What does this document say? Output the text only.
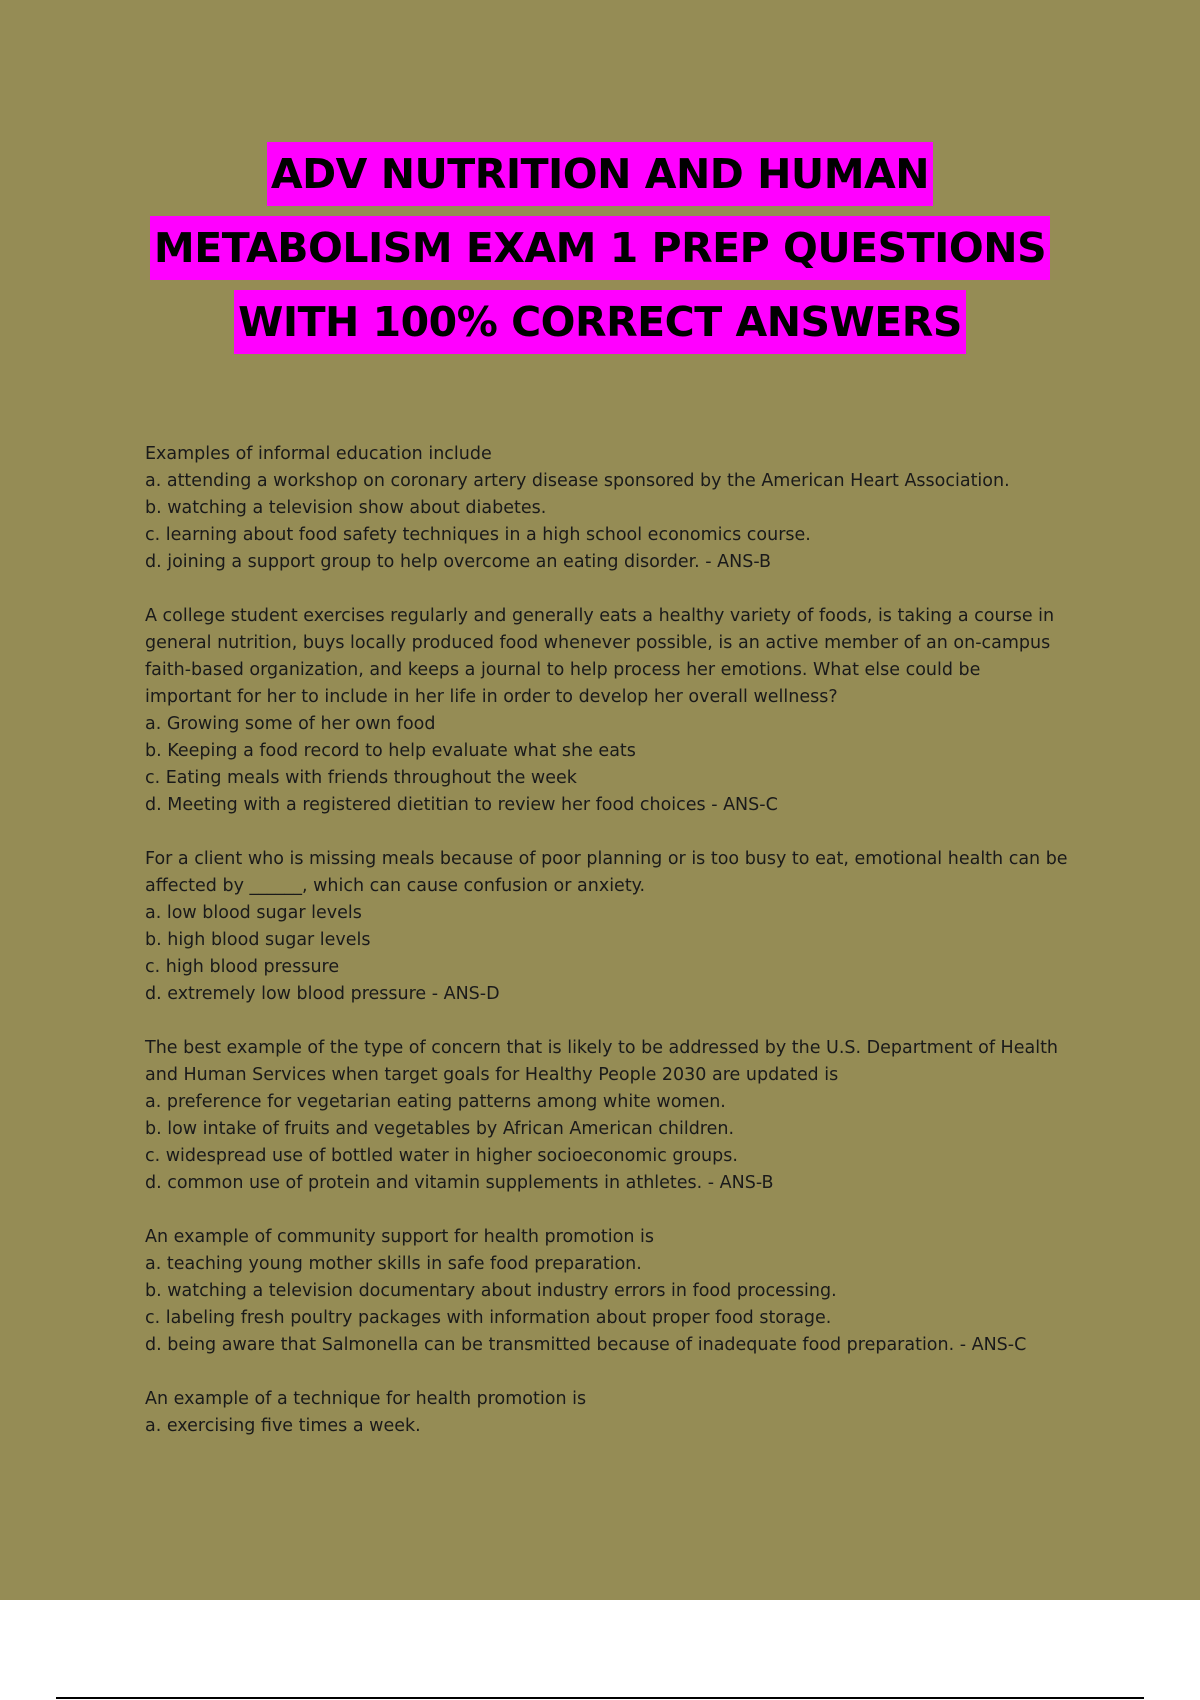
ADV NUTRITION AND HUMAN
METABOLISM EXAM 1 PREP QUESTIONS
WITH 100% CORRECT ANSWERS
Examples of informal education include
a. attending a workshop on coronary artery disease sponsored by the American Heart Association.
b. watching a television show about diabetes.
c. learning about food safety techniques in a high school economics course.
d. joining a support group to help overcome an eating disorder. - ANS-B
A college student exercises regularly and generally eats a healthy variety of foods, is taking a course in
general nutrition, buys locally produced food whenever possible, is an active member of an on-campus
faith-based organization, and keeps a journal to help process her emotions. What else could be
important for her to include in her life in order to develop her overall wellness?
a. Growing some of her own food
b. Keeping a food record to help evaluate what she eats
c. Eating meals with friends throughout the week
d. Meeting with a registered dietitian to review her food choices - ANS-C
For a client who is missing meals because of poor planning or is too busy to eat, emotional health can be
affected by ______, which can cause confusion or anxiety.
a. low blood sugar levels
b. high blood sugar levels
c. high blood pressure
d. extremely low blood pressure - ANS-D
The best example of the type of concern that is likely to be addressed by the U.S. Department of Health
and Human Services when target goals for Healthy People 2030 are updated is
a. preference for vegetarian eating patterns among white women.
b. low intake of fruits and vegetables by African American children.
c. widespread use of bottled water in higher socioeconomic groups.
d. common use of protein and vitamin supplements in athletes. - ANS-B
An example of community support for health promotion is
a. teaching young mother skills in safe food preparation.
b. watching a television documentary about industry errors in food processing.
c. labeling fresh poultry packages with information about proper food storage.
d. being aware that Salmonella can be transmitted because of inadequate food preparation. - ANS-C
An example of a technique for health promotion is
a. exercising five times a week.
